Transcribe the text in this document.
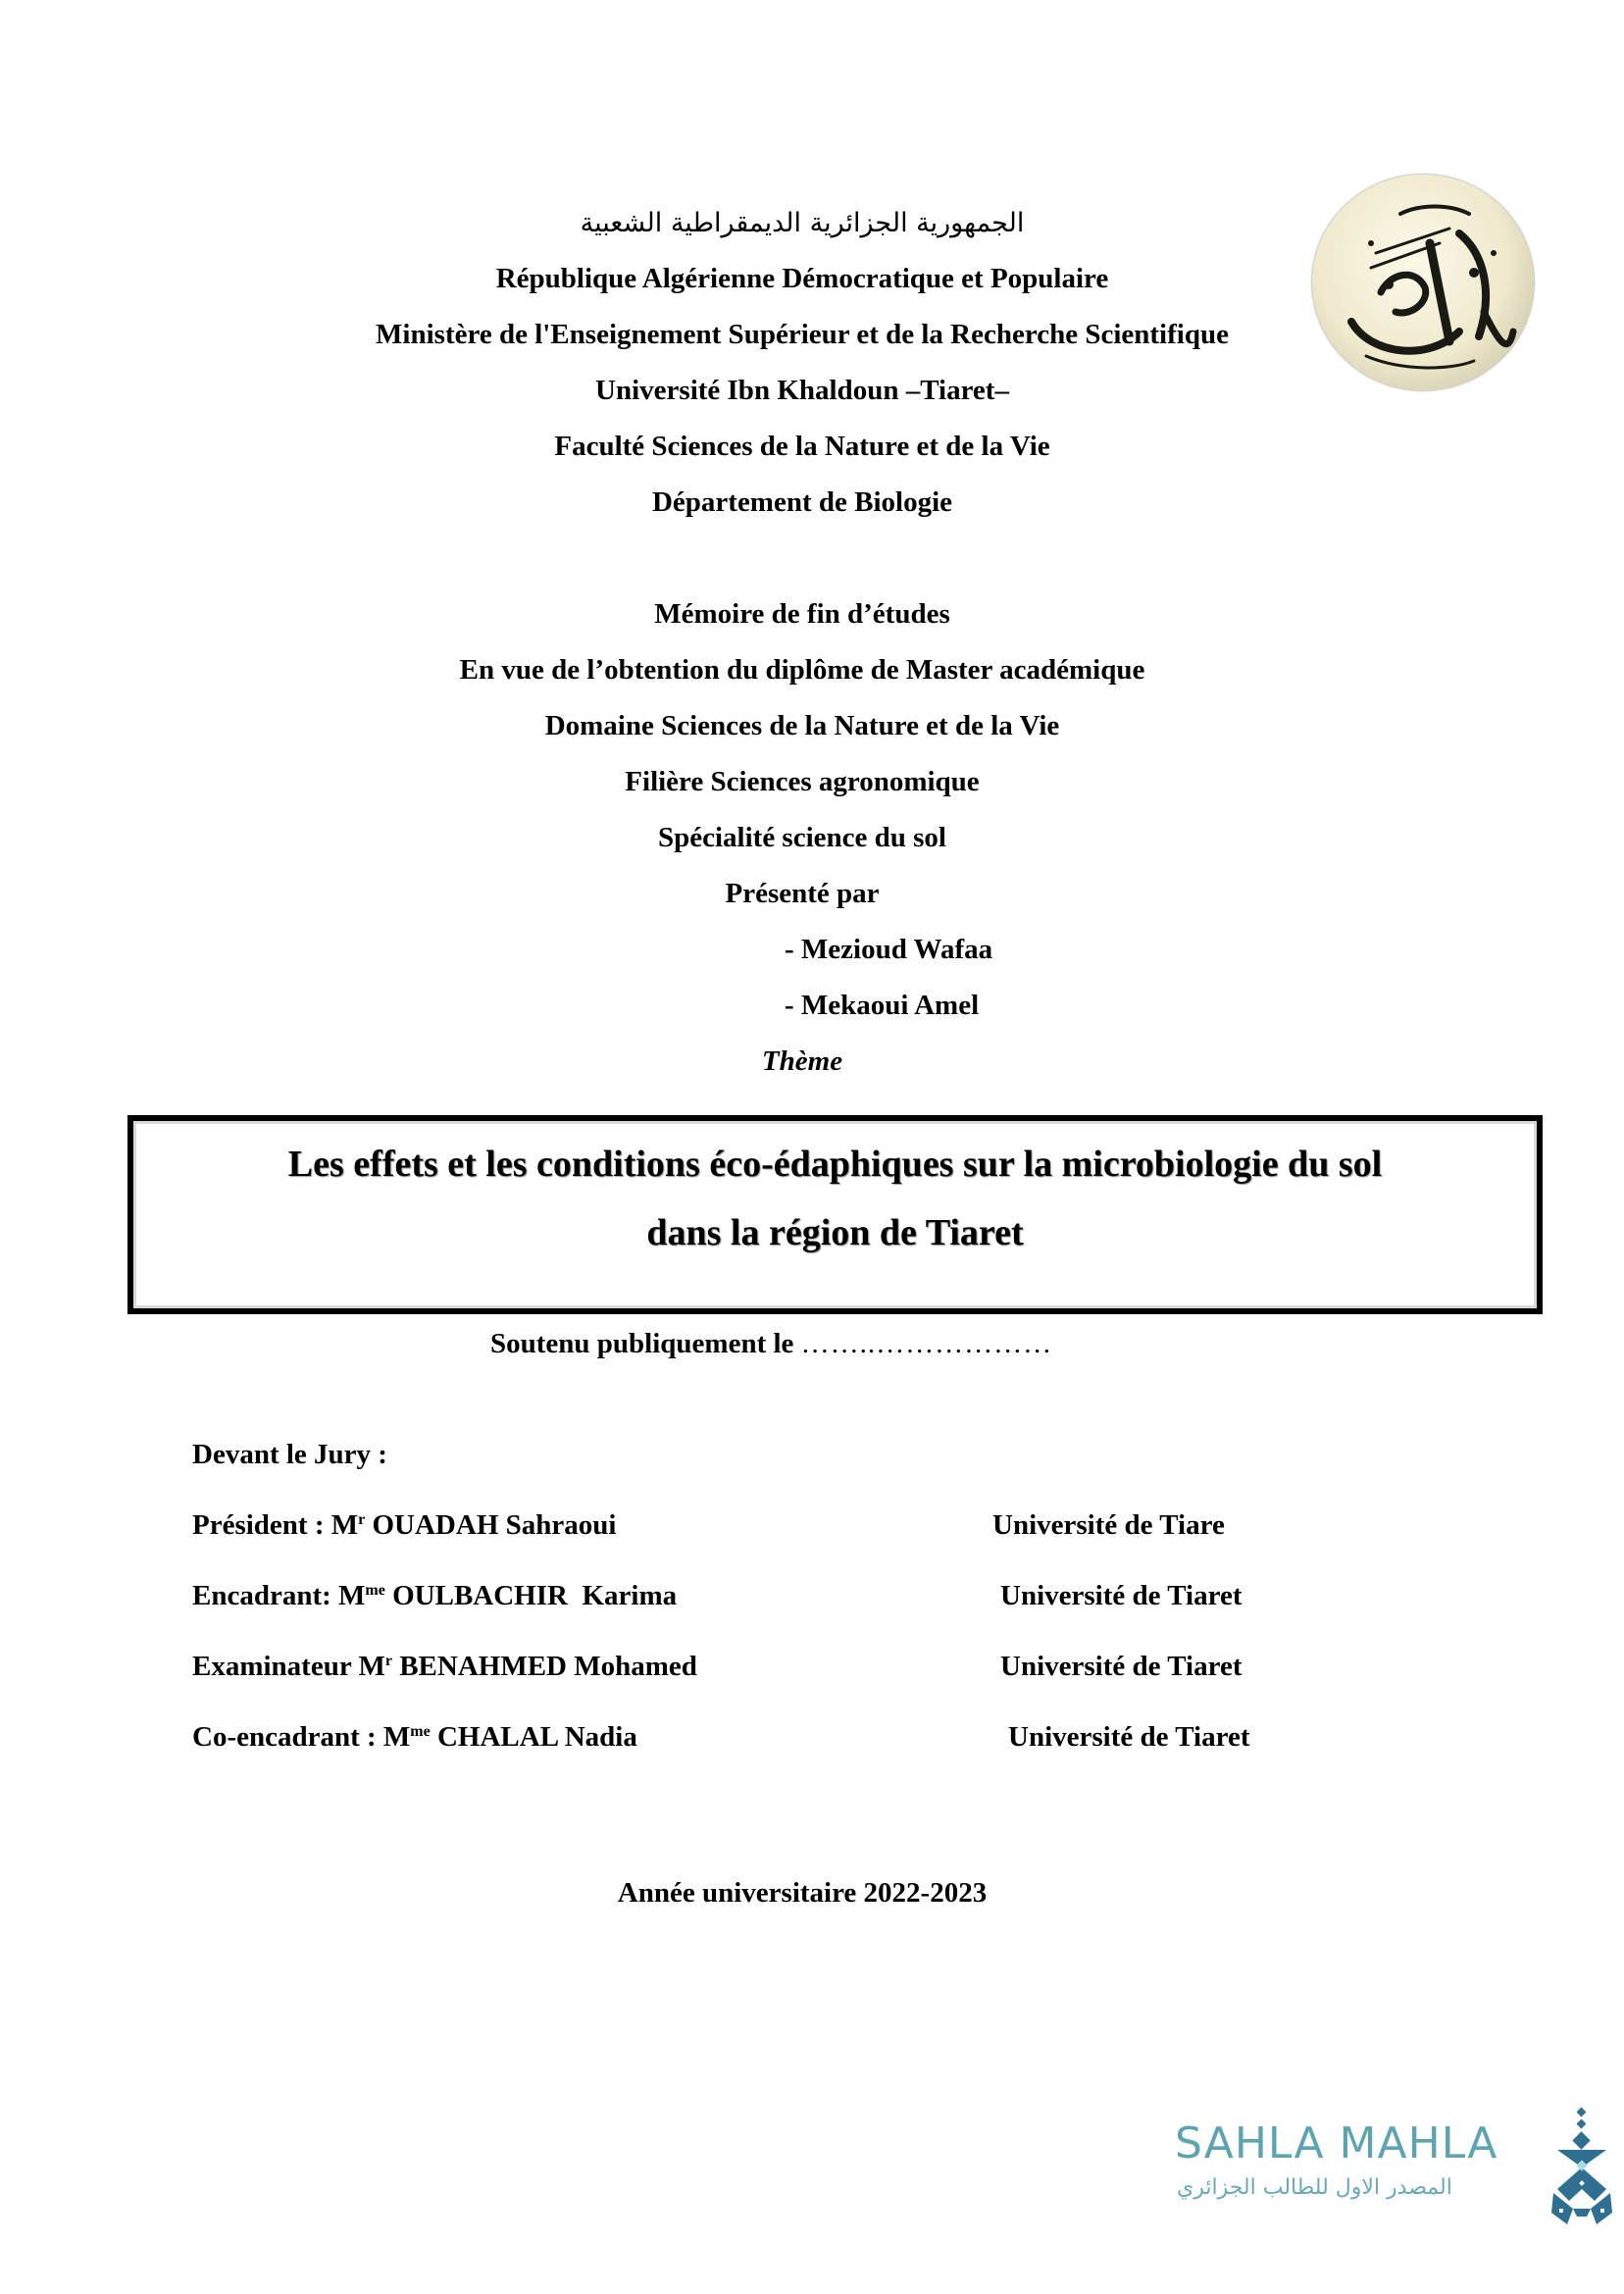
الجمهورية الجزائرية الديمقراطية الشعبية
République Algérienne Démocratique et Populaire
Ministère de l'Enseignement Supérieur et de la Recherche Scientifique
Université Ibn Khaldoun –Tiaret–
Faculté Sciences de la Nature et de la Vie
Département de Biologie
Mémoire de fin d’études
En vue de l’obtention du diplôme de Master académique
Domaine Sciences de la Nature et de la Vie
Filière Sciences agronomique
Spécialité science du sol
Présenté par
- Mezioud Wafaa
- Mekaoui Amel
Thème
Les effets et les conditions éco-édaphiques sur la microbiologie du sol
dans la région de Tiaret
Soutenu publiquement le ……..………………
Devant le Jury :
Président : $M^r$ OUADAH Sahraoui	Université de Tiare
Encadrant: $M^{me}$ OULBACHIR  Karima	Université de Tiaret
Examinateur $M^r$ BENAHMED Mohamed	Université de Tiaret
Co-encadrant : $M^{me}$ CHALAL Nadia	Université de Tiaret
Année universitaire 2022-2023
SAHLA MAHLA
المصدر الاول للطالب الجزائري
